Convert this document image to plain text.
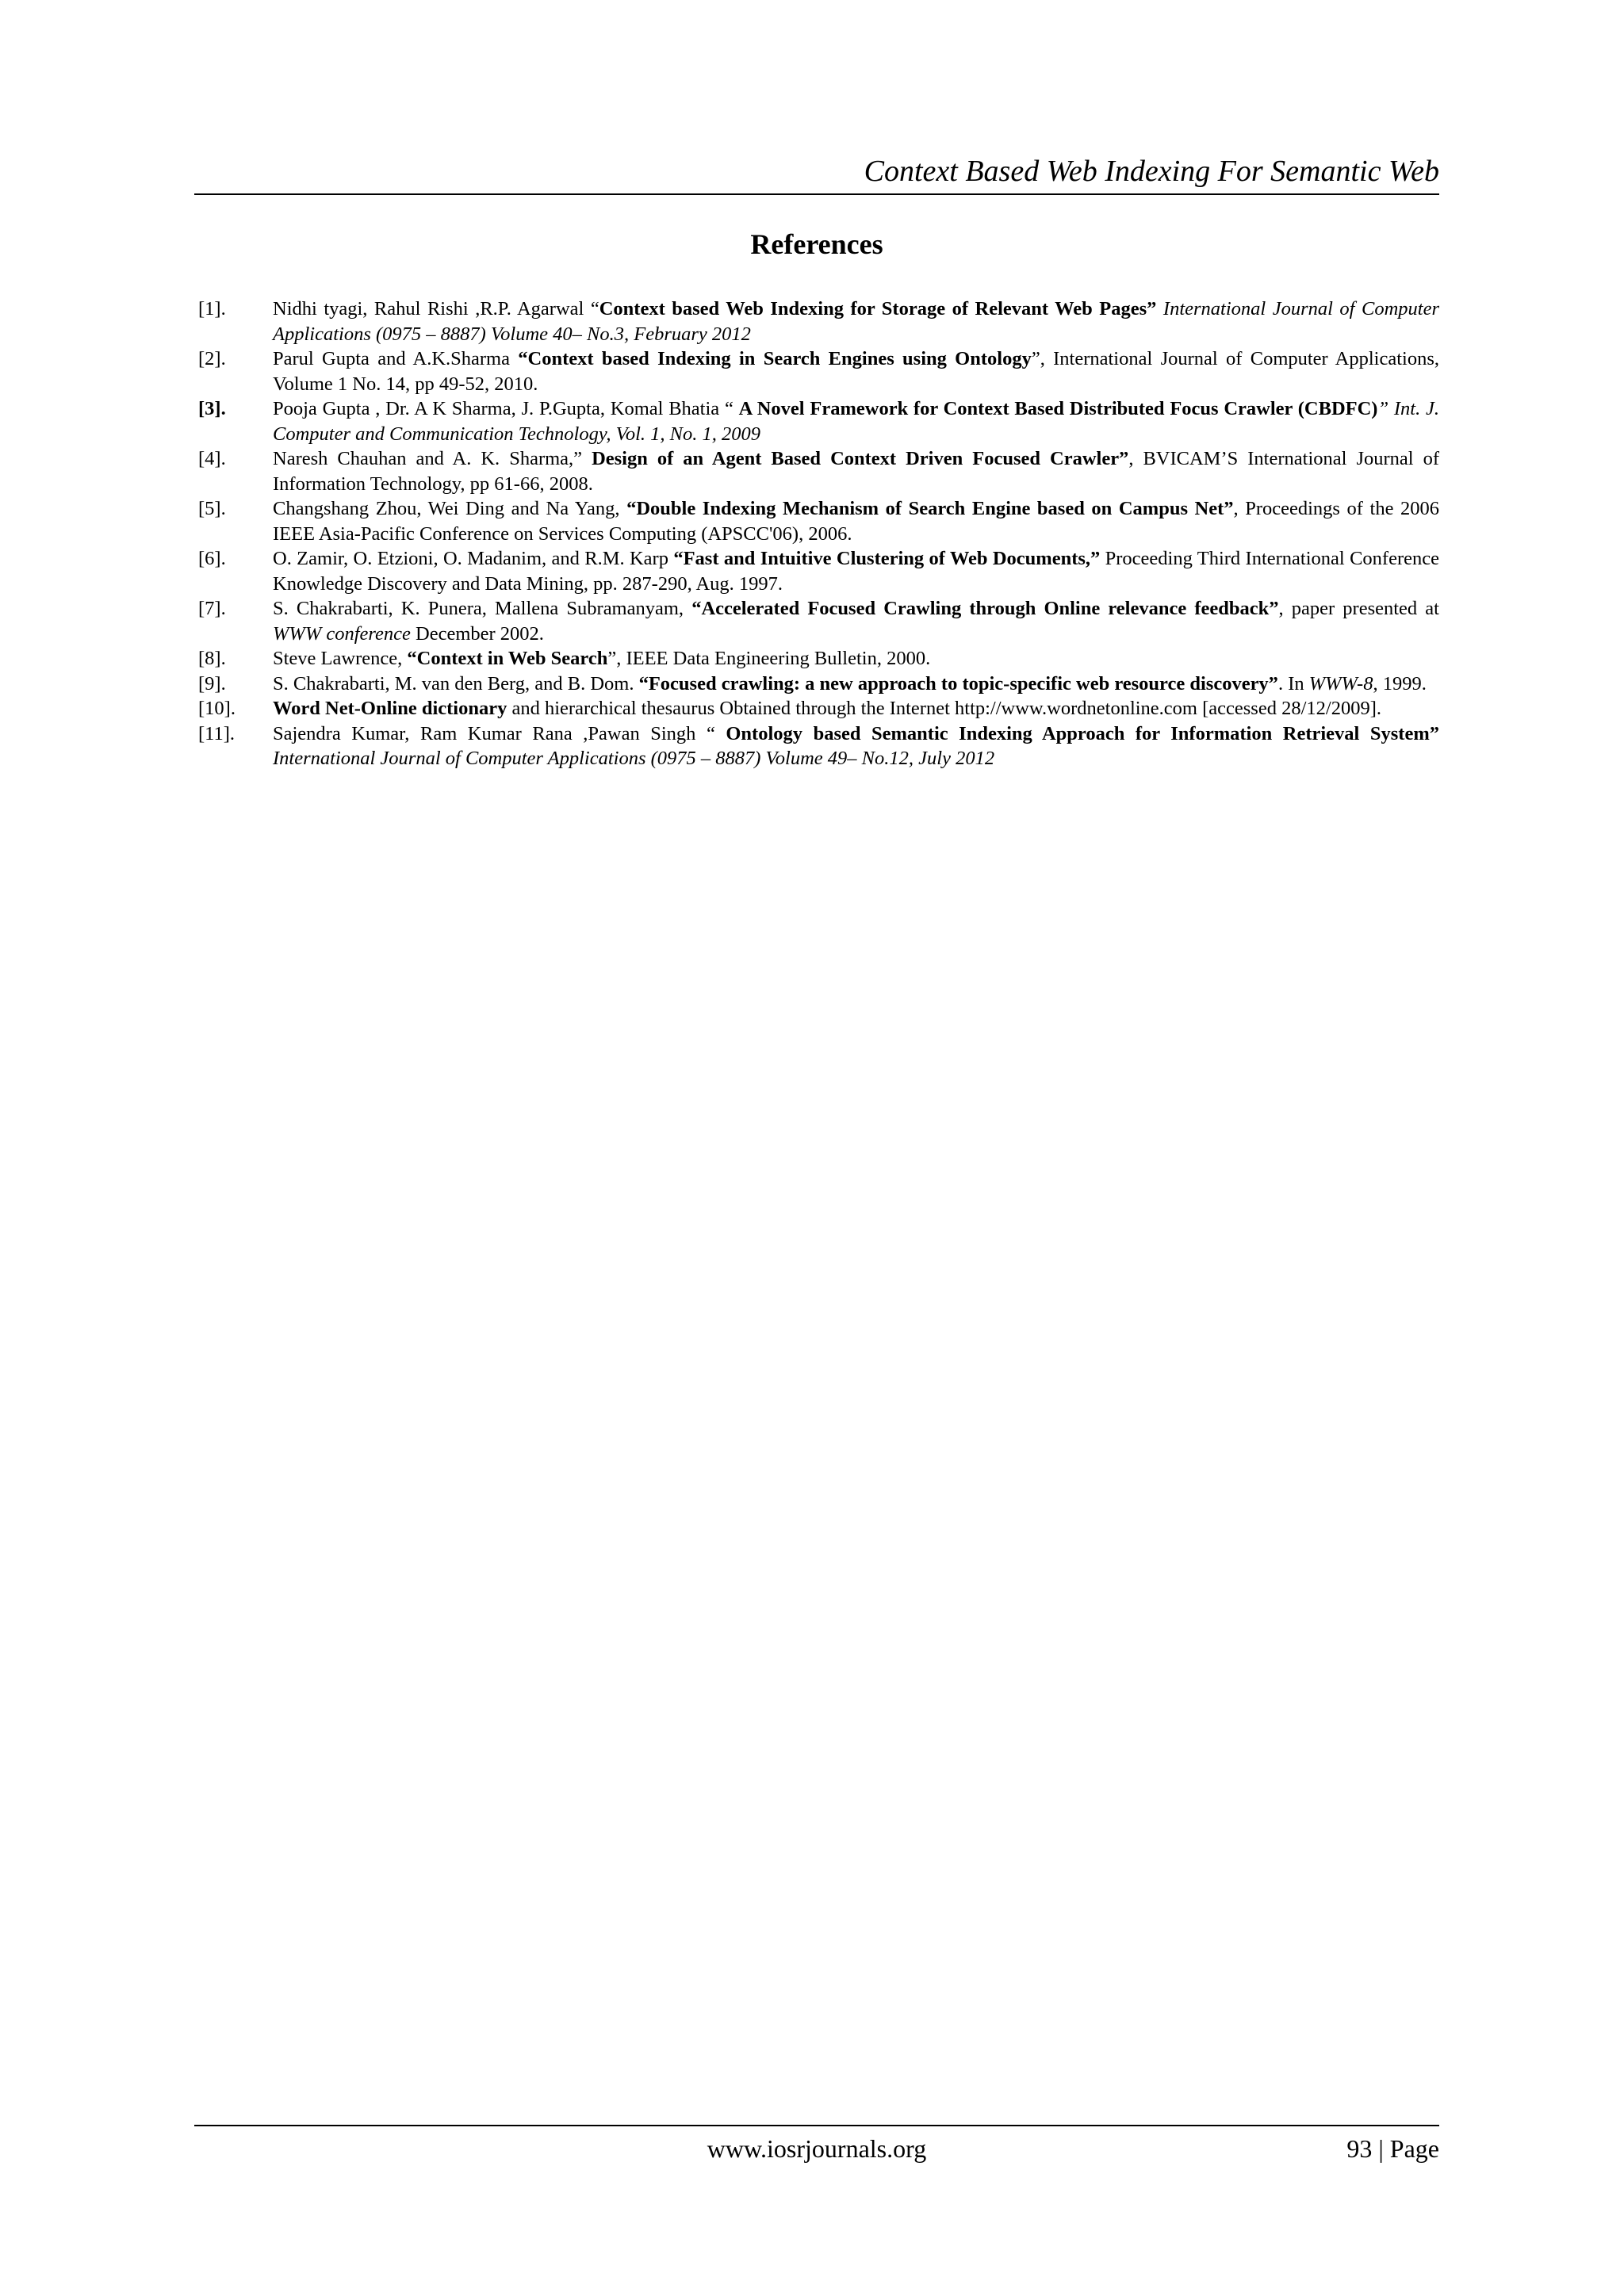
Context Based Web Indexing For Semantic Web
References
[1]. Nidhi tyagi, Rahul Rishi ,R.P. Agarwal “Context based Web Indexing for Storage of Relevant Web Pages” International Journal of Computer Applications (0975 – 8887) Volume 40– No.3, February 2012
[2]. Parul Gupta and A.K.Sharma “Context based Indexing in Search Engines using Ontology”, International Journal of Computer Applications, Volume 1 No. 14, pp 49-52, 2010.
[3]. Pooja Gupta , Dr. A K Sharma, J. P.Gupta, Komal Bhatia “ A Novel Framework for Context Based Distributed Focus Crawler (CBDFC)” Int. J. Computer and Communication Technology, Vol. 1, No. 1, 2009
[4]. Naresh Chauhan and A. K. Sharma,” Design of an Agent Based Context Driven Focused Crawler”, BVICAM’S International Journal of Information Technology, pp 61-66, 2008.
[5]. Changshang Zhou, Wei Ding and Na Yang, “Double Indexing Mechanism of Search Engine based on Campus Net”, Proceedings of the 2006 IEEE Asia-Pacific Conference on Services Computing (APSCC'06), 2006.
[6]. O. Zamir, O. Etzioni, O. Madanim, and R.M. Karp “Fast and Intuitive Clustering of Web Documents,” Proceeding Third International Conference Knowledge Discovery and Data Mining, pp. 287-290, Aug. 1997.
[7]. S. Chakrabarti, K. Punera, Mallena Subramanyam, “Accelerated Focused Crawling through Online relevance feedback”, paper presented at WWW conference December 2002.
[8]. Steve Lawrence, “Context in Web Search”, IEEE Data Engineering Bulletin, 2000.
[9]. S. Chakrabarti, M. van den Berg, and B. Dom. “Focused crawling: a new approach to topic-specific web resource discovery”. In WWW-8, 1999.
[10]. Word Net-Online dictionary and hierarchical thesaurus Obtained through the Internet http://www.wordnetonline.com [accessed 28/12/2009].
[11]. Sajendra Kumar, Ram Kumar Rana ,Pawan Singh “ Ontology based Semantic Indexing Approach for Information Retrieval System” International Journal of Computer Applications (0975 – 8887) Volume 49– No.12, July 2012
www.iosrjournals.org	93 | Page
